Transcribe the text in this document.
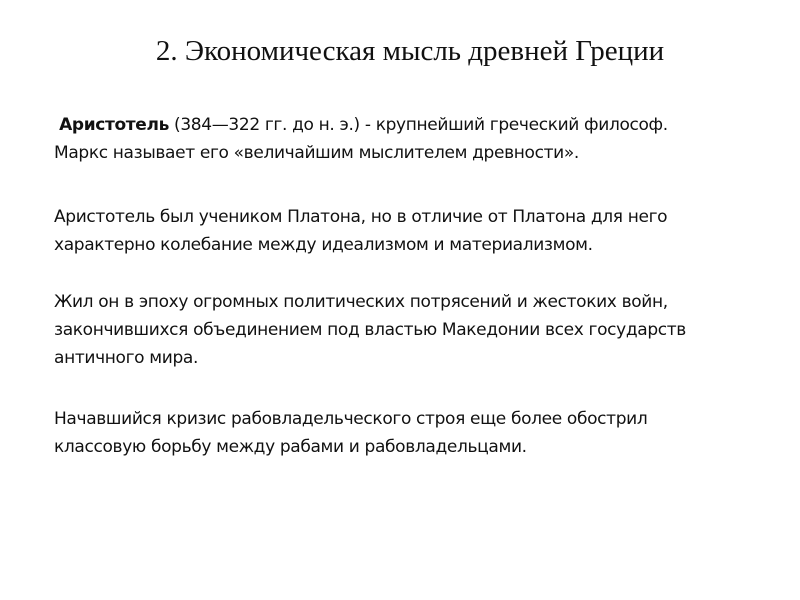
2. Экономическая мысль древней Греции

Аристотель (384—322 гг. до н. э.) - крупнейший греческий философ.
Маркс называет его «величайшим мыслителем древности».

Аристотель был учеником Платона, но в отличие от Платона для него
характерно колебание между идеализмом и материализмом.

Жил он в эпоху огромных политических потрясений и жестоких войн,
закончившихся объединением под властью Македонии всех государств
античного мира.

Начавшийся кризис рабовладельческого строя еще более обострил
классовую борьбу между рабами и рабовладельцами.
